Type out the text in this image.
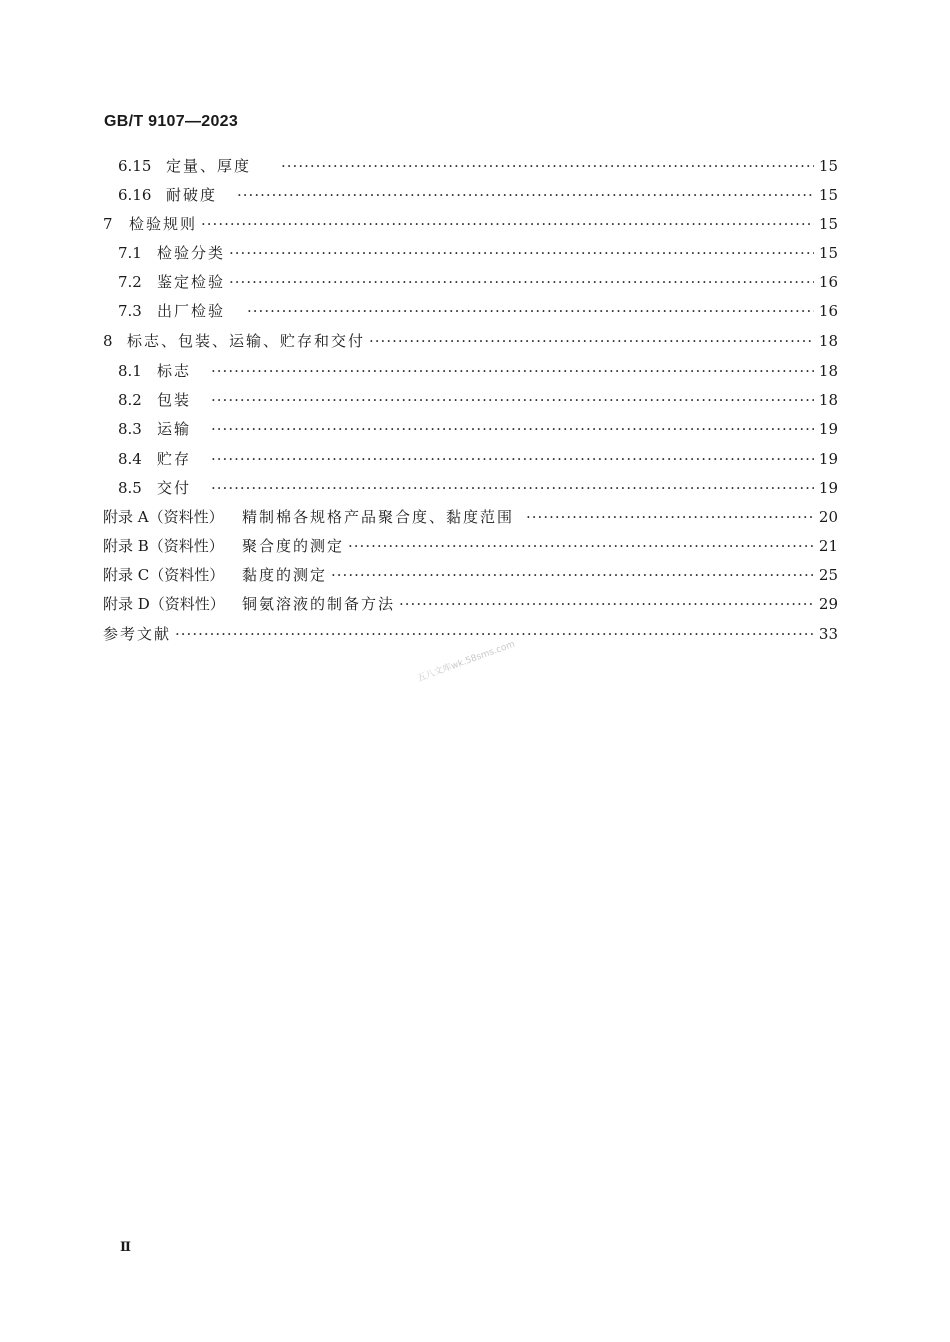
GB/T 9107—2023
6.15 定量、厚度 ·····	15
6.16 耐破度 ·····	15
7	检验规则 ·····	15
7.1	检验分类 ·····	15
7.2	鉴定检验 ·····	16
7.3	出厂检验 ·····	16
8 标志、包装、运输、贮存和交付 ·····	18
8.1	标志 ·····	18
8.2	包装 ·····	18
8.3	运输 ·····	19
8.4	贮存 ·····	19
8.5	交付 ·····	19
附录 A（资料性）	精制棉各规格产品聚合度、黏度范围 ·····	20
附录 B（资料性）	聚合度的测定 ·····	21
附录 C（资料性）	黏度的测定 ·····	25
附录 D（资料性）	铜氨溶液的制备方法 ·····	29
参考文献 ·····	33
五八文库wk.58sms.com
Ⅱ
